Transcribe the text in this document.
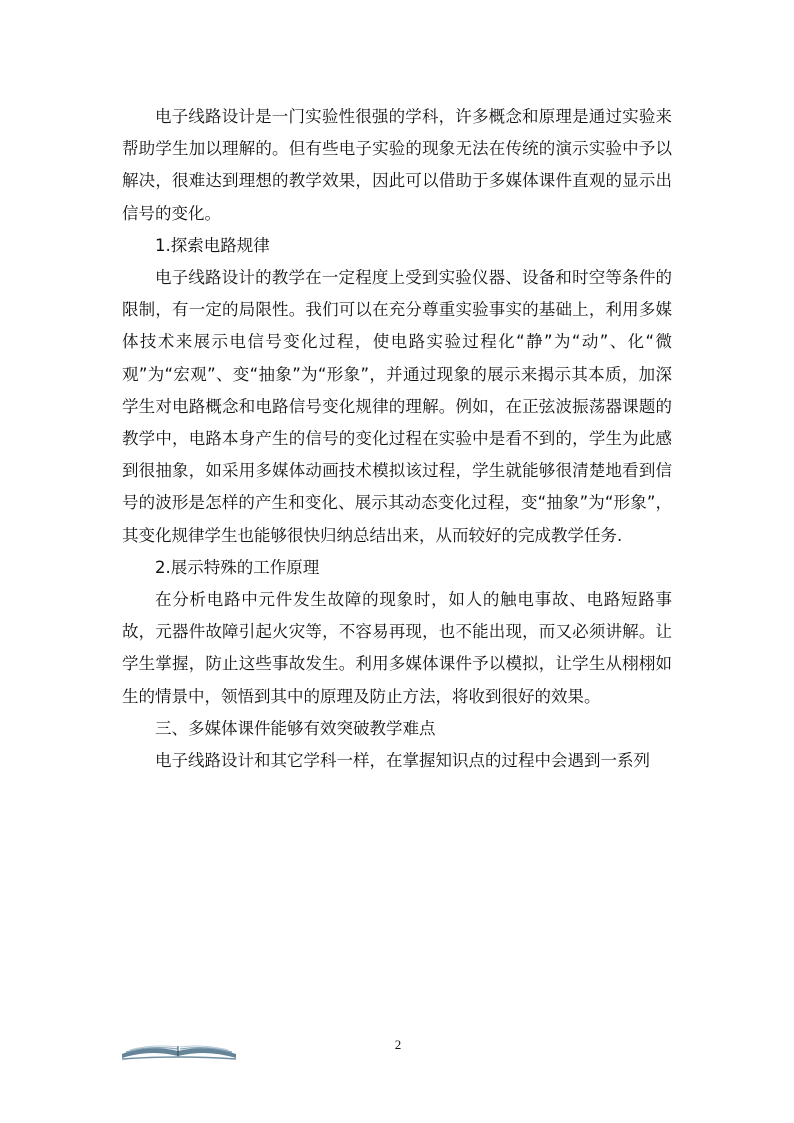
电子线路设计是一门实验性很强的学科，许多概念和原理是通过实验来帮助学生加以理解的。但有些电子实验的现象无法在传统的演示实验中予以解决，很难达到理想的教学效果，因此可以借助于多媒体课件直观的显示出信号的变化。

1.探索电路规律

电子线路设计的教学在一定程度上受到实验仪器、设备和时空等条件的限制，有一定的局限性。我们可以在充分尊重实验事实的基础上，利用多媒体技术来展示电信号变化过程，使电路实验过程化“静”为“动”、化“微观”为“宏观”、变“抽象”为“形象”，并通过现象的展示来揭示其本质，加深学生对电路概念和电路信号变化规律的理解。例如，在正弦波振荡器课题的教学中，电路本身产生的信号的变化过程在实验中是看不到的，学生为此感到很抽象，如采用多媒体动画技术模拟该过程，学生就能够很清楚地看到信号的波形是怎样的产生和变化、展示其动态变化过程，变“抽象”为“形象”，其变化规律学生也能够很快归纳总结出来，从而较好的完成教学任务.

2.展示特殊的工作原理

在分析电路中元件发生故障的现象时，如人的触电事故、电路短路事故，元器件故障引起火灾等，不容易再现，也不能出现，而又必须讲解。让学生掌握，防止这些事故发生。利用多媒体课件予以模拟，让学生从栩栩如生的情景中，领悟到其中的原理及防止方法，将收到很好的效果。

三、多媒体课件能够有效突破教学难点

电子线路设计和其它学科一样，在掌握知识点的过程中会遇到一系列

2
